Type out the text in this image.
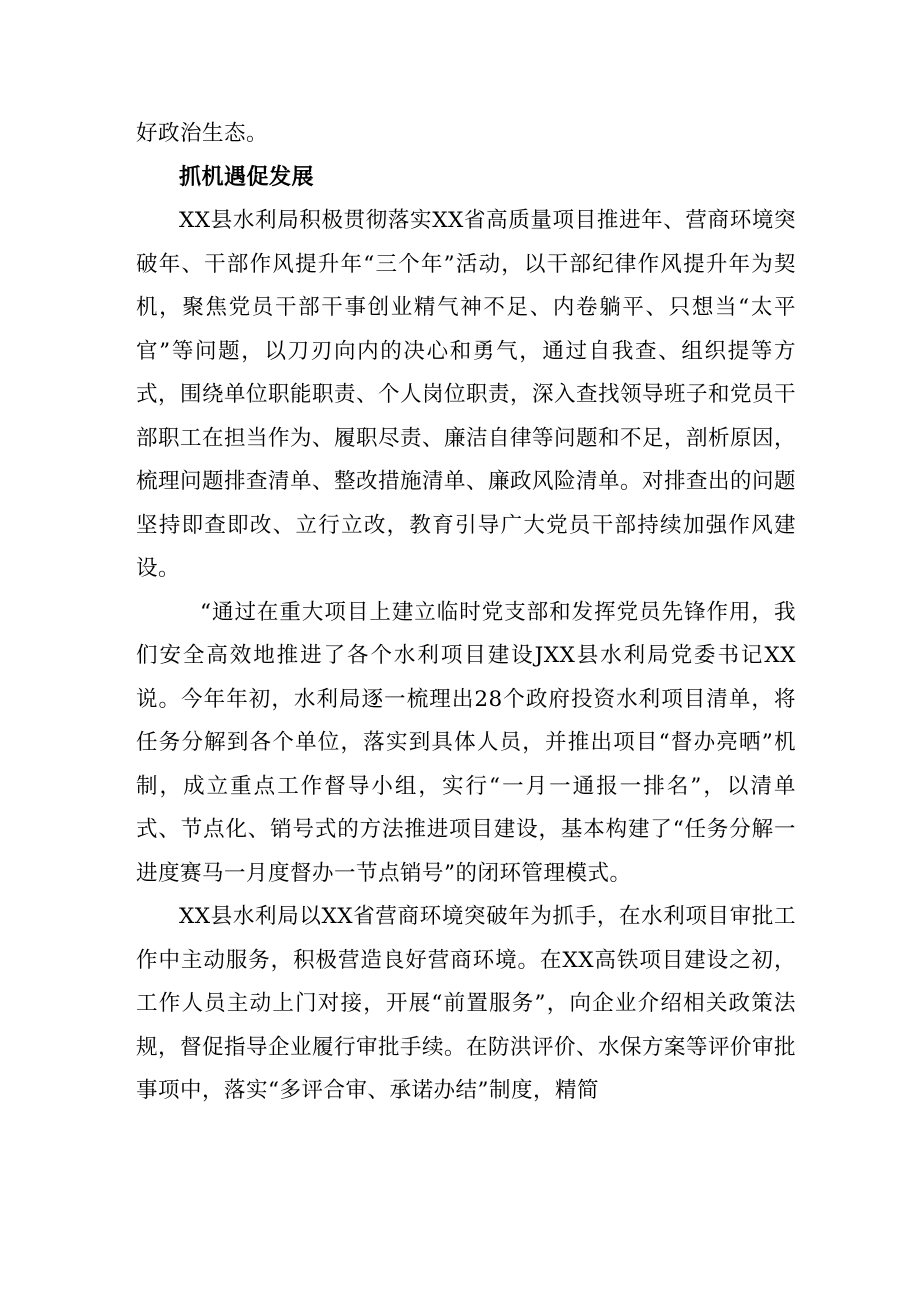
好政治生态。

抓机遇促发展

XX县水利局积极贯彻落实XX省高质量项目推进年、营商环境突破年、干部作风提升年“三个年”活动，以干部纪律作风提升年为契机，聚焦党员干部干事创业精气神不足、内卷躺平、只想当“太平官”等问题，以刀刃向内的决心和勇气，通过自我查、组织提等方式，围绕单位职能职责、个人岗位职责，深入查找领导班子和党员干部职工在担当作为、履职尽责、廉洁自律等问题和不足，剖析原因，梳理问题排查清单、整改措施清单、廉政风险清单。对排查出的问题坚持即查即改、立行立改，教育引导广大党员干部持续加强作风建设。

“通过在重大项目上建立临时党支部和发挥党员先锋作用，我们安全高效地推进了各个水利项目建设JXX县水利局党委书记XX说。今年年初，水利局逐一梳理出28个政府投资水利项目清单，将任务分解到各个单位，落实到具体人员，并推出项目“督办亮晒”机制，成立重点工作督导小组，实行“一月一通报一排名”，以清单式、节点化、销号式的方法推进项目建设，基本构建了“任务分解一进度赛马一月度督办一节点销号”的闭环管理模式。

XX县水利局以XX省营商环境突破年为抓手，在水利项目审批工作中主动服务，积极营造良好营商环境。在XX高铁项目建设之初，工作人员主动上门对接，开展“前置服务”，向企业介绍相关政策法规，督促指导企业履行审批手续。在防洪评价、水保方案等评价审批事项中，落实“多评合审、承诺办结”制度，精简
